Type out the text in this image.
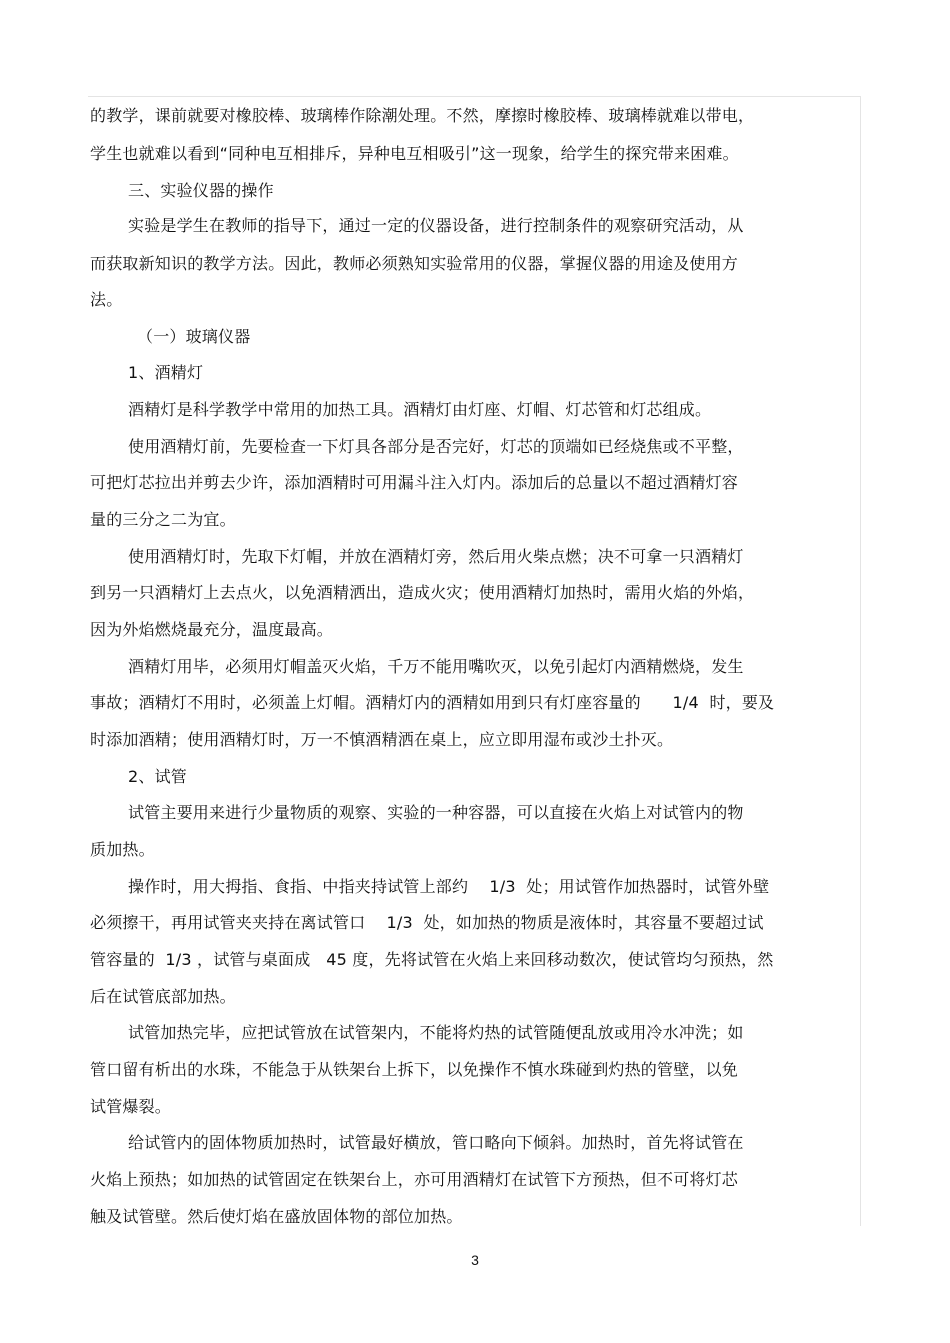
的教学，课前就要对橡胶棒、玻璃棒作除潮处理。不然，摩擦时橡胶棒、玻璃棒就难以带电，
学生也就难以看到“同种电互相排斥，异种电互相吸引”这一现象，给学生的探究带来困难。
三、实验仪器的操作
实验是学生在教师的指导下，通过一定的仪器设备，进行控制条件的观察研究活动，从
而获取新知识的教学方法。因此，教师必须熟知实验常用的仪器，掌握仪器的用途及使用方
法。
（一）玻璃仪器
1、酒精灯
酒精灯是科学教学中常用的加热工具。酒精灯由灯座、灯帽、灯芯管和灯芯组成。
使用酒精灯前，先要检查一下灯具各部分是否完好，灯芯的顶端如已经烧焦或不平整，
可把灯芯拉出并剪去少许，添加酒精时可用漏斗注入灯内。添加后的总量以不超过酒精灯容
量的三分之二为宜。
使用酒精灯时，先取下灯帽，并放在酒精灯旁，然后用火柴点燃；决不可拿一只酒精灯
到另一只酒精灯上去点火，以免酒精洒出，造成火灾；使用酒精灯加热时，需用火焰的外焰，
因为外焰燃烧最充分，温度最高。
酒精灯用毕，必须用灯帽盖灭火焰，千万不能用嘴吹灭，以免引起灯内酒精燃烧，发生
事故；酒精灯不用时，必须盖上灯帽。酒精灯内的酒精如用到只有灯座容量的      1/4  时，要及
时添加酒精；使用酒精灯时，万一不慎酒精洒在桌上，应立即用湿布或沙土扑灭。
2、试管
试管主要用来进行少量物质的观察、实验的一种容器，可以直接在火焰上对试管内的物
质加热。
操作时，用大拇指、食指、中指夹持试管上部约    1/3  处；用试管作加热器时，试管外壁
必须擦干，再用试管夹夹持在离试管口    1/3  处，如加热的物质是液体时，其容量不要超过试
管容量的  1/3 ，试管与桌面成   45 度，先将试管在火焰上来回移动数次，使试管均匀预热，然
后在试管底部加热。
试管加热完毕，应把试管放在试管架内，不能将灼热的试管随便乱放或用冷水冲洗；如
管口留有析出的水珠，不能急于从铁架台上拆下，以免操作不慎水珠碰到灼热的管壁，以免
试管爆裂。
给试管内的固体物质加热时，试管最好横放，管口略向下倾斜。加热时，首先将试管在
火焰上预热；如加热的试管固定在铁架台上，亦可用酒精灯在试管下方预热，但不可将灯芯
触及试管壁。然后使灯焰在盛放固体物的部位加热。
3
